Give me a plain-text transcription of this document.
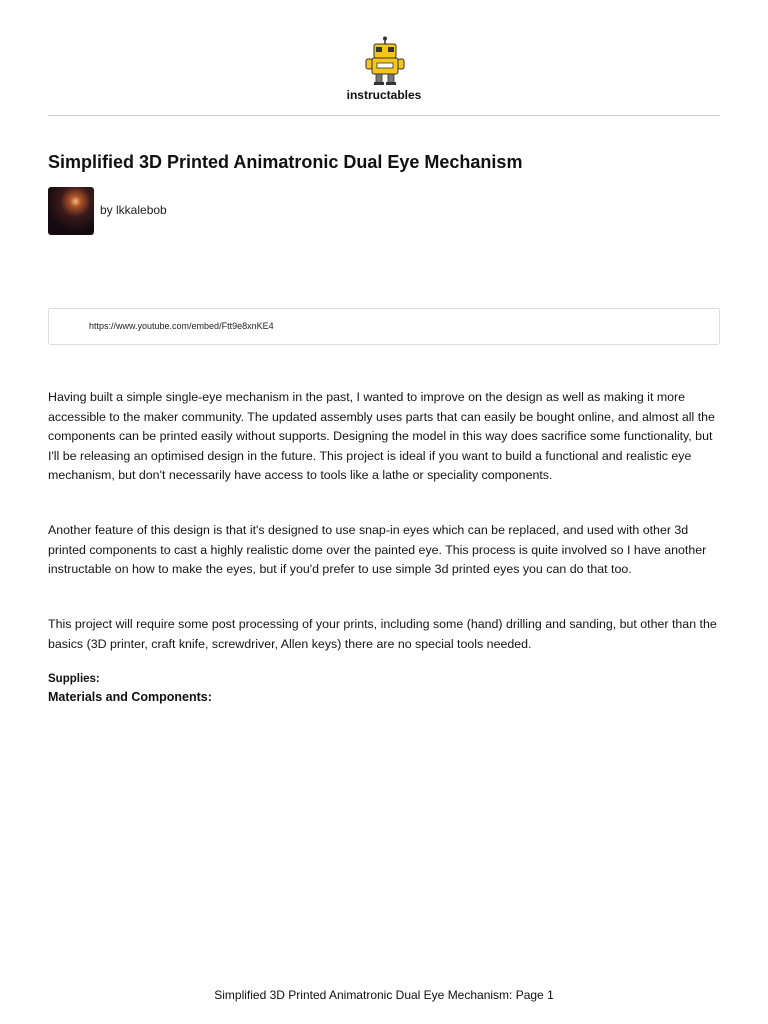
instructables
Simplified 3D Printed Animatronic Dual Eye Mechanism
by lkkalebob
https://www.youtube.com/embed/Ftt9e8xnKE4

Having built a simple single-eye mechanism in the past, I wanted to improve on the design as well as making it more accessible to the maker community. The updated assembly uses parts that can easily be bought online, and almost all the components can be printed easily without supports. Designing the model in this way does sacrifice some functionality, but I'll be releasing an optimised design in the future. This project is ideal if you want to build a functional and realistic eye mechanism, but don't necessarily have access to tools like a lathe or speciality components.

Another feature of this design is that it's designed to use snap-in eyes which can be replaced, and used with other 3d printed components to cast a highly realistic dome over the painted eye. This process is quite involved so I have another instructable on how to make the eyes, but if you'd prefer to use simple 3d printed eyes you can do that too.

This project will require some post processing of your prints, including some (hand) drilling and sanding, but other than the basics (3D printer, craft knife, screwdriver, Allen keys) there are no special tools needed.

Supplies:
Materials and Components:
Simplified 3D Printed Animatronic Dual Eye Mechanism: Page 1
